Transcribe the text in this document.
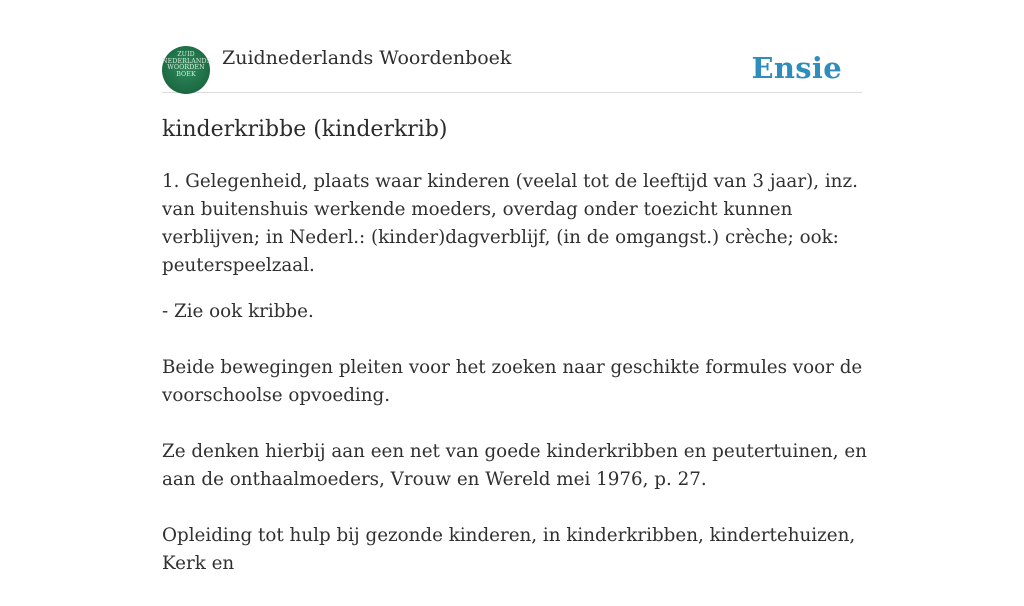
ZUID
NEDERLANDS
WOORDEN
BOEK
Zuidnederlands Woordenboek	Ensie
kinderkribbe (kinderkrib)

1. Gelegenheid, plaats waar kinderen (veelal tot de leeftijd van 3 jaar), inz. van buitenshuis werkende moeders, overdag onder toezicht kunnen verblijven; in Nederl.: (kinder)dagverblijf, (in de omgangst.) crèche; ook: peuterspeelzaal.

- Zie ook kribbe.

Beide bewegingen pleiten voor het zoeken naar geschikte formules voor de voorschoolse opvoeding.

Ze denken hierbij aan een net van goede kinderkribben en peutertuinen, en aan de onthaalmoeders, Vrouw en Wereld mei 1976, p. 27.

Opleiding tot hulp bij gezonde kinderen, in kinderkribben, kindertehuizen, Kerk en
